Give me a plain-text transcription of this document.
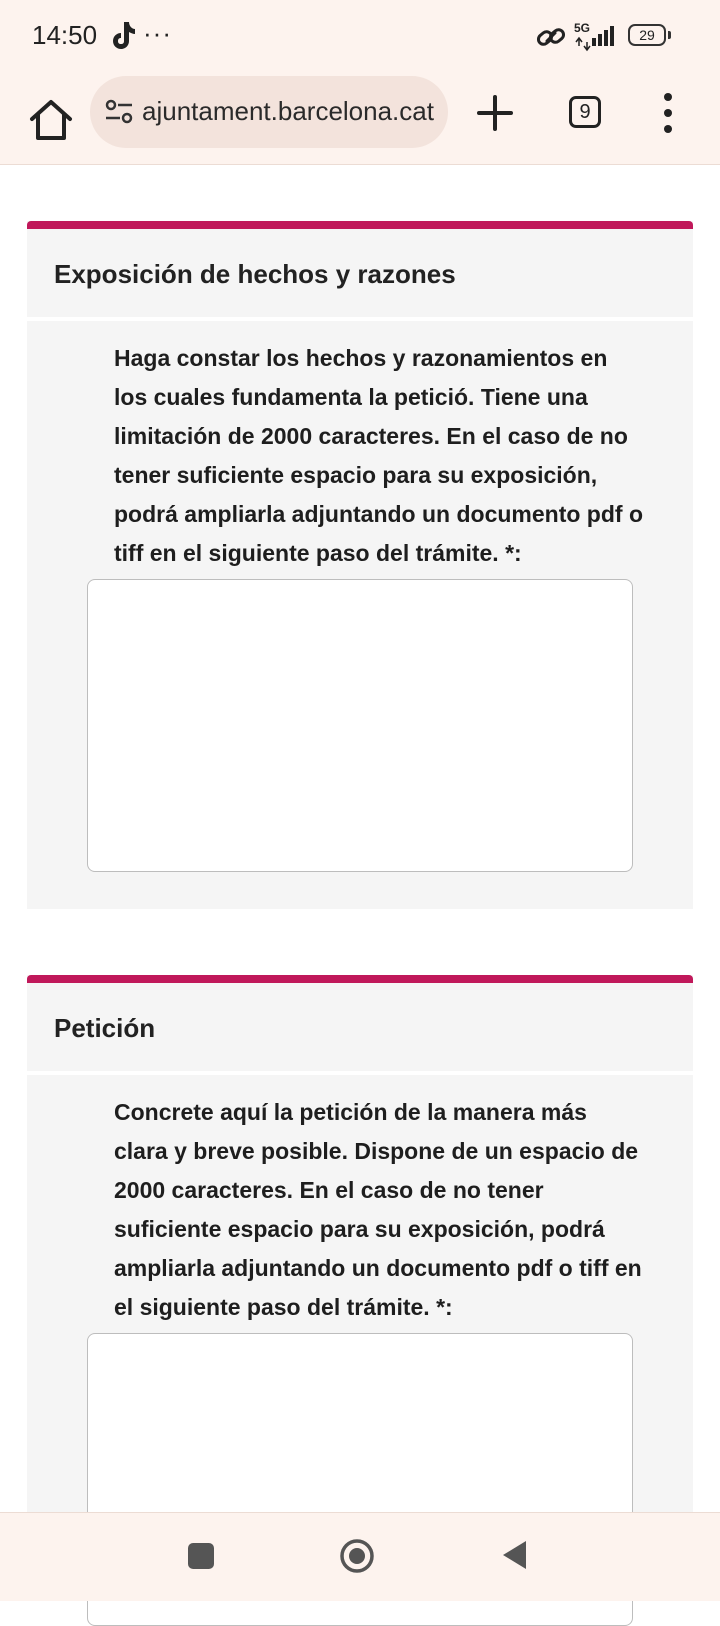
14:50 ···	5G	29
ajuntament.barcelona.cat	9
Exposición de hechos y razones
Haga constar los hechos y razonamientos en los cuales fundamenta la petició. Tiene una limitación de 2000 caracteres. En el caso de no tener suficiente espacio para su exposición, podrá ampliarla adjuntando un documento pdf o tiff en el siguiente paso del trámite. *:
Petición
Concrete aquí la petición de la manera más clara y breve posible. Dispone de un espacio de 2000 caracteres. En el caso de no tener suficiente espacio para su exposición, podrá ampliarla adjuntando un documento pdf o tiff en el siguiente paso del trámite. *:
